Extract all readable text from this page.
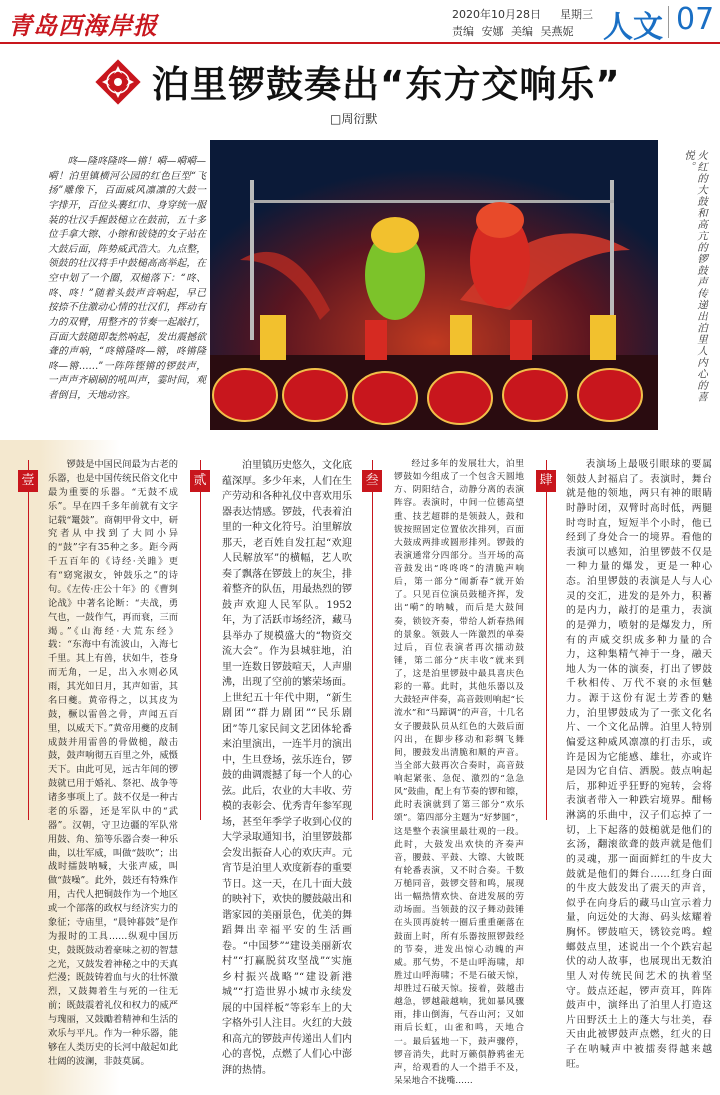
青岛西海岸报	2020年10月28日 星期三
责编 安娜 美编 吴燕妮 人文 07
泊里锣鼓奏出“东方交响乐”
□周衍默

咚—隆咚隆咚—锵！嗬—嗬嗬—嗬！泊里镇横河公园的红色巨型“飞扬”雕像下，百面威风凛凛的大鼓一字排开，百位头裹红巾、身穿统一服装的壮汉手握鼓槌立在鼓前，五十多位手拿大镲、小镲和钹铙的女子站在大鼓后面，阵势威武浩大。九点整，领鼓的壮汉将手中鼓槌高高举起，在空中划了一个圈，双槌落下：“咚、咚、咚！”随着头鼓声音响起，早已按捺不住激动心情的壮汉们，挥动有力的双臂，用整齐的节奏一起敲打，百面大鼓随即轰然响起，发出震撼欲聋的声响，“咚锵隆咚—锵，咚锵隆咚—锵……”一阵阵铿锵的锣鼓声，一声声齐刷刷的吼叫声，霎时间，观者倒目，天地动容。	火红的大鼓和高亢的锣鼓声传递出泊里人内心的喜悦。
壹

锣鼓是中国民间最为古老的乐器，也是中国传统民俗文化中最为重要的乐器。“无鼓不成乐”。早在四千多年前就有文字记载“鼍鼓”。商朝甲骨文中，研究者从中找到了大同小异的“鼓”字有35种之多。距今两千五百年的《诗经·关雎》更有“窈窕淑女，钟鼓乐之”的诗句。《左传·庄公十年》的《曹刿论战》中著名论断：“夫战，勇气也，一鼓作气，再而衰，三而竭。”《山海经·大荒东经》载：“东海中有流波山，入海七千里。其上有兽，状如牛，苍身而无角，一足，出入水则必风雨，其光如日月，其声如雷，其名曰夔。黄帝得之，以其皮为鼓，橛以雷兽之骨，声闻五百里，以威天下。”黄帝用夔的皮制成鼓并用雷兽的骨做槌，敲击鼓，鼓声响彻五百里之外，威慑天下。由此可见，远古年间的锣鼓就已用于婚礼、祭祀、战争等诸多事项上了。鼓不仅是一种古老的乐器，还是军队中的“武器”。汉朝，守卫边疆的军队常用鼓、角、笳等乐器合奏一种乐曲，以壮军威，叫做“鼓吹”；出战时擂鼓呐喊，大张声威，叫做“鼓噪”。此外，鼓还有特殊作用，古代人把铜鼓作为一个地区或一个部落的政权与经济实力的象征；寺庙里，“晨钟暮鼓”是作为报时的工具……纵观中国历史，鼓既鼓动着豪味之初的智慧之光，又鼓发着神秘之中的天真烂漫；既鼓铸着血与火的壮怀激烈，又鼓舞着生与死的一往无前；既鼓震着礼仪和权力的威严与瑰丽，又鼓勵着精神和生活的欢乐与平凡。作为一种乐器，能够在人类历史的长河中敲起如此壮阔的波澜，非鼓莫属。

贰

泊里镇历史悠久，文化底蕴深厚。多少年来，人们在生产劳动和各种礼仪中喜欢用乐器表达情感。锣鼓，代表着泊里的一种文化符号。泊里解放那天，老百姓自发扛起“欢迎人民解放军”的横幅，艺人吹奏了飘落在锣鼓上的灰尘，排着整齐的队伍，用最热烈的锣鼓声欢迎人民军队。1952年，为了活跃市场经济，藏马县举办了规模盛大的“物资交流大会”。作为县城驻地，泊里一连数日锣鼓喧天，人声鼎沸，出现了空前的繁荣场面。上世纪五十年代中期，“新生剧团”“群力剧团”“民乐剧团”等几家民间文艺团体轮番来泊里演出，一连半月的演出中，生旦登场，弦乐连台，锣鼓的曲调震撼了每一个人的心弦。此后，农业的大丰收、劳模的表彰会、优秀青年参军现场，甚至年季学子收到心仪的大学录取通知书，泊里锣鼓都会发出振奋人心的欢庆声。元宵节是泊里人欢度新春的重要节日。这一天，在几十面大鼓的映衬下，欢快的腰鼓敲出和谐家园的美丽景色，优美的舞蹈舞出幸福平安的生活画卷。“中国梦”“建设美丽新农村”“打赢脱贫攻坚战”“实施乡村振兴战略”“建设新港城”“打造世界小城市永续发展的中国样板”等彩车上的大字格外引人注目。火红的大鼓和高亢的锣鼓声传递出人们内心的喜悦，点燃了人们心中澎湃的热情。

叁

经过多年的发展壮大，泊里锣鼓如今组成了一个包含天圆地方、阴阳结合，动静分离的表演阵容。表演时，中间一位德高望重、技艺超群的是领鼓人，鼓和钹按照固定位置依次排列，百面大鼓成两排或圆形排列。锣鼓的表演通常分四部分。当开场的高音鼓发出“咚咚咚”的清脆声响后，第一部分“闹新春”就开始了。只见百位演员鼓槌齐挥，发出“嗬”的呐喊，而后是大鼓间奏，锁铰齐奏，带给人新春热闹的景象。领鼓人一阵激烈的单奏过后，百位表演者再次擂动鼓锤，第二部分“庆丰收”就来到了，这是泊里锣鼓中最具喜庆色彩的一幕。此时，其他乐器以及大鼓轻声伴奏，高音鼓则响起“长流水”和“马蹄调”的声音，十几名女子腰鼓队员从红色的大鼓后面闪出，在脚步移动和彩绸飞舞间，腰鼓发出清脆和顺的声音。当全部大鼓再次合奏时，高音鼓响起紧张、急促、激烈的“急急风”鼓曲，配上有节奏的锣和镲，此时表演就到了第三部分“欢乐颂”。第四部分主题为“好梦圆”，这是整个表演里最壮观的一段。此时，大鼓发出欢快的齐奏声音，腰鼓、平鼓、大镲、大铍既有轮番表演，又不时合奏。千数万槌同音，鼓锣交替和鸣，展现出一幅热情欢快、奋进发展的劳动场面。当领鼓的汉子舞动鼓锤在头顶再旋转一圈后重重砸落在鼓面上时，所有乐器按照锣鼓经的节奏，进发出惊心动魄的声威。那气势，不是山呼海啸，却胜过山呼海啸；不是石破天惊，却胜过石破天惊。接着，鼓越击越急，锣越敲越响，犹如暴风骤雨，排山倒海，气吞山河；又如雨后长虹，山雀和鸣，天地合一。最后猛地一下，鼓声骤停，锣音消失，此时万籁俱静鸦雀无声，给观看的人一个措手不及，呆呆地合不拢嘴……

肆

表演场上最吸引眼球的要属领鼓人封福启了。表演时，舞台就是他的领地，两只有神的眼睛时静时闭，双臂时高时低，两腿时弯时直，短短半个小时，他已经到了身处合一的境界。看他的表演可以感知，泊里锣鼓不仅是一种力量的爆发，更是一种心态。泊里锣鼓的表演是人与人心灵的交汇，进发的是外力，积蓄的是内力，敲打的是重力，表演的是弹力，喷射的是爆发力，所有的声威交织成多种力量的合力，这种集精气神于一身，融天地人为一体的演奏，打出了锣鼓千秋相传、万代不衰的永恒魅力。源于这份有泥土芳香的魅力，泊里锣鼓成为了一张文化名片、一个文化品牌。泊里人特别偏爱这种威风凛凛的打击乐，或许是因为它能感、雄壮，亦或许是因为它自信、洒脱。鼓点响起后，那种近乎狂野的宛转，会将表演者带入一种跌宕境界。酣畅淋漓的乐曲中，汉子们忘掉了一切，上下起落的鼓槌就是他们的玄汤，翻滚欲聋的鼓声就是他们的灵魂，那一面面鲜红的牛皮大鼓就是他们的舞台……红身白面的牛皮大鼓发出了震天的声音，似乎在向身后的藏马山宣示着力量，向远处的大海、码头炫耀着胸怀。锣鼓喧天，锈铰竞鸣。螳螂鼓点里，述说出一个个跌宕起伏的动人故事，也展现出无数泊里人对传统民间艺术的执着坚守。鼓点还起，锣声贲耳，阵阵鼓声中，演绎出了泊里人打造这片田野沃土上的蓬大与壮美，春天由此被锣鼓声点燃，红火的日子在呐喊声中被擂奏得越来越旺。
